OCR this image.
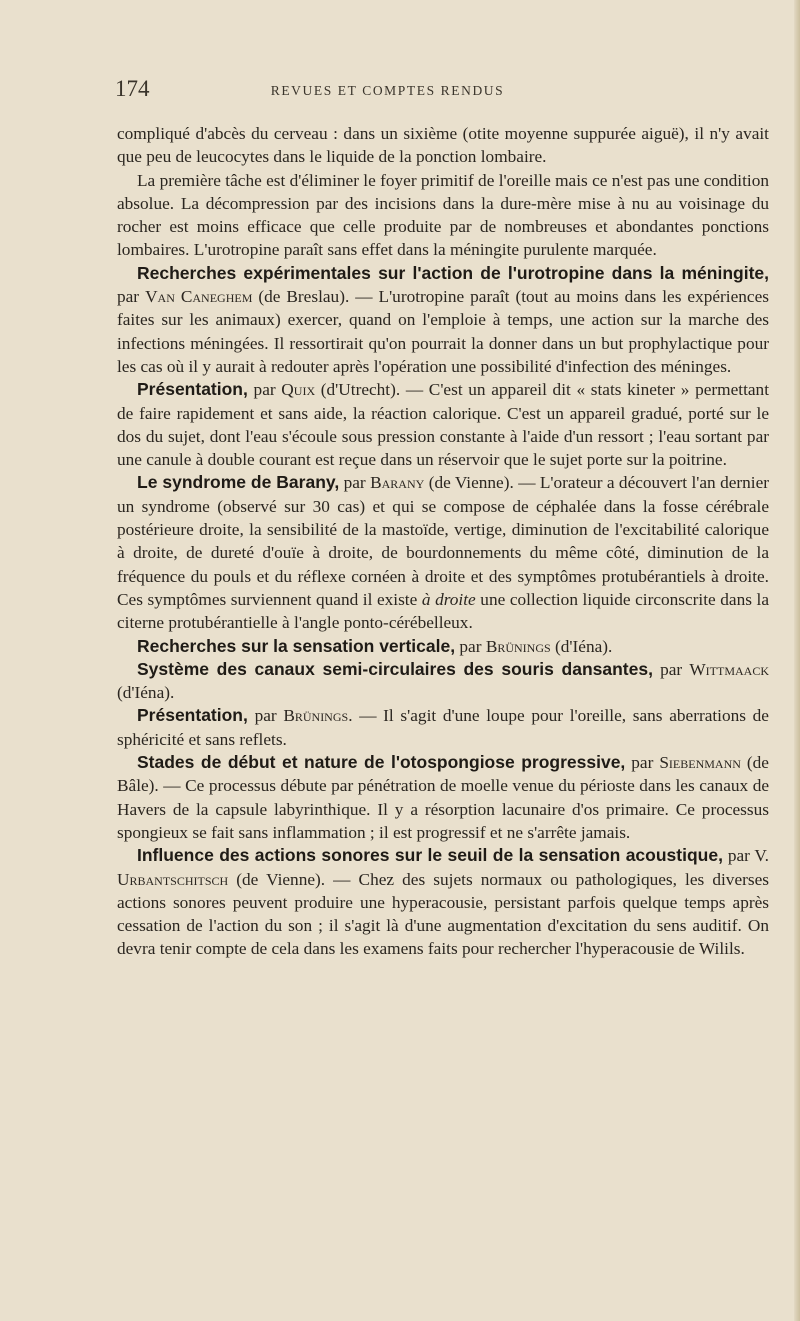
174	REVUES ET COMPTES RENDUS

compliqué d'abcès du cerveau : dans un sixième (otite moyenne suppurée aiguë), il n'y avait que peu de leucocytes dans le liquide de la ponction lombaire.

La première tâche est d'éliminer le foyer primitif de l'oreille mais ce n'est pas une condition absolue. La décompression par des incisions dans la dure-mère mise à nu au voisinage du rocher est moins efficace que celle produite par de nombreuses et abondantes ponctions lombaires. L'urotropine paraît sans effet dans la méningite purulente marquée.

Recherches expérimentales sur l'action de l'urotropine dans la méningite, par Van Caneghem (de Breslau). — L'urotropine paraît (tout au moins dans les expériences faites sur les animaux) exercer, quand on l'emploie à temps, une action sur la marche des infections méningées. Il ressortirait qu'on pourrait la donner dans un but prophylactique pour les cas où il y aurait à redouter après l'opération une possibilité d'infection des méninges.

Présentation, par Quix (d'Utrecht). — C'est un appareil dit « stats kineter » permettant de faire rapidement et sans aide, la réaction calorique. C'est un appareil gradué, porté sur le dos du sujet, dont l'eau s'écoule sous pression constante à l'aide d'un ressort ; l'eau sortant par une canule à double courant est reçue dans un réservoir que le sujet porte sur la poitrine.

Le syndrome de Barany, par Barany (de Vienne). — L'orateur a découvert l'an dernier un syndrome (observé sur 30 cas) et qui se compose de céphalée dans la fosse cérébrale postérieure droite, la sensibilité de la mastoïde, vertige, diminution de l'excitabilité calorique à droite, de dureté d'ouïe à droite, de bourdonnements du même côté, diminution de la fréquence du pouls et du réflexe cornéen à droite et des symptômes protubérantiels à droite. Ces symptômes surviennent quand il existe à droite une collection liquide circonscrite dans la citerne protubérantielle à l'angle ponto-cérébelleux.

Recherches sur la sensation verticale, par Brünings (d'Iéna).

Système des canaux semi-circulaires des souris dansantes, par Wittmaack (d'Iéna).

Présentation, par Brünings. — Il s'agit d'une loupe pour l'oreille, sans aberrations de sphéricité et sans reflets.

Stades de début et nature de l'otospongiose progressive, par Siebenmann (de Bâle). — Ce processus débute par pénétration de moelle venue du périoste dans les canaux de Havers de la capsule labyrinthique. Il y a résorption lacunaire d'os primaire. Ce processus spongieux se fait sans inflammation ; il est progressif et ne s'arrête jamais.

Influence des actions sonores sur le seuil de la sensation acoustique, par V. Urbantschitsch (de Vienne). — Chez des sujets normaux ou pathologiques, les diverses actions sonores peuvent produire une hyperacousie, persistant parfois quelque temps après cessation de l'action du son ; il s'agit là d'une augmentation d'excitation du sens auditif. On devra tenir compte de cela dans les examens faits pour rechercher l'hyperacousie de Wilils.
